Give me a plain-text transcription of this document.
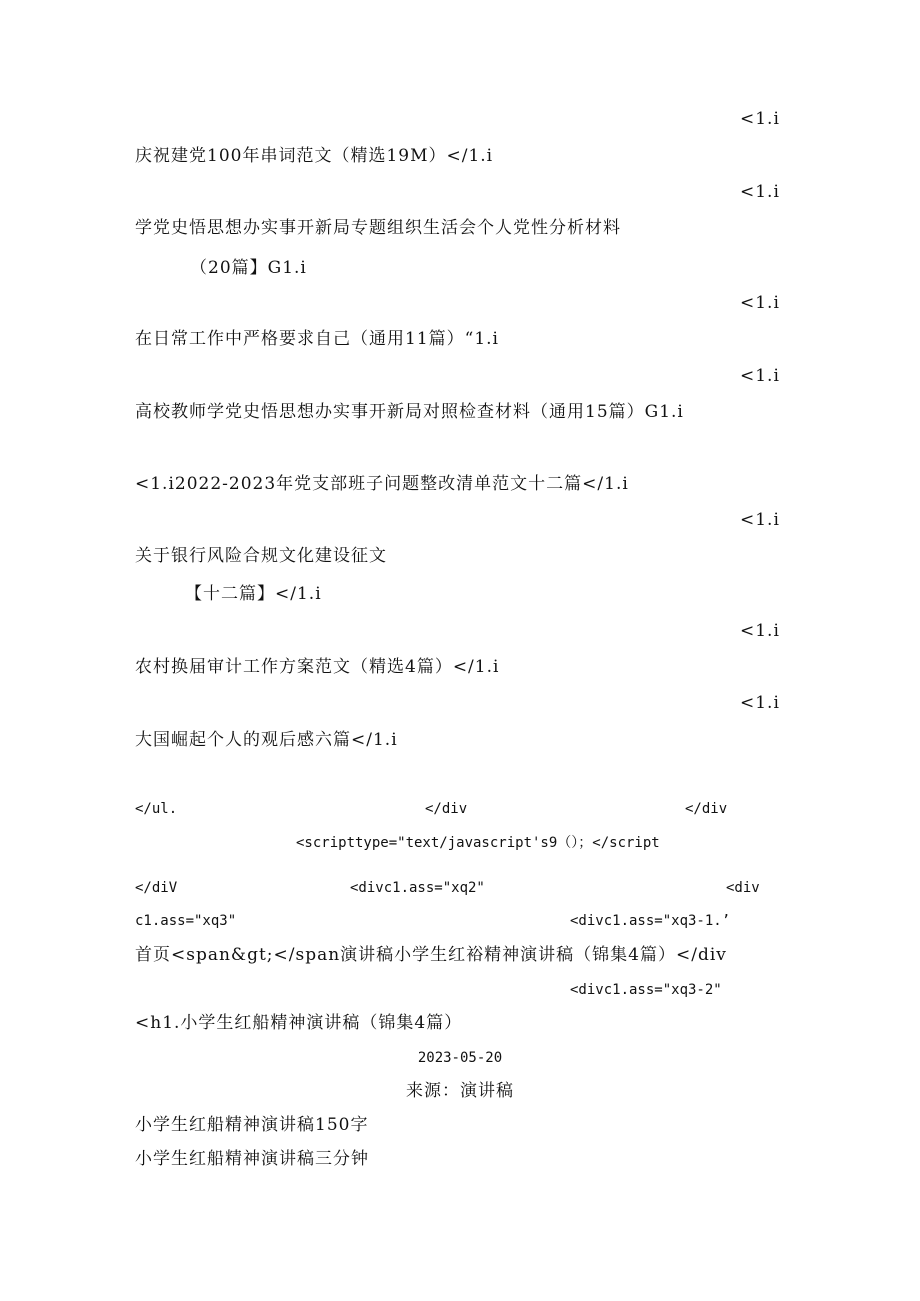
<1.i
庆祝建党100年串词范文（精选19M）</1.i
<1.i
学党史悟思想办实事开新局专题组织生活会个人党性分析材料
（20篇】G1.i
<1.i
在日常工作中严格要求自己（通用11篇）“1.i
<1.i
高校教师学党史悟思想办实事开新局对照检查材料（通用15篇）G1.i
<1.i2022-2023年党支部班子问题整改清单范文十二篇</1.i
<1.i
关于银行风险合规文化建设征文
【十二篇】</1.i
<1.i
农村换届审计工作方案范文（精选4篇）</1.i
<1.i
大国崛起个人的观后感六篇</1.i
</ul.	</div	</div
<scripttype="text/javascript's9（）；</script
</diV	<divc1.ass="xq2"	<div
c1.ass="xq3"	<divc1.ass="xq3-1.’
首页<span&gt;</span演讲稿小学生红裕精神演讲稿（锦集4篇）</div
<divc1.ass="xq3-2"
<h1.小学生红船精神演讲稿（锦集4篇）
2023-05-20
来源：演讲稿
小学生红船精神演讲稿150字
小学生红船精神演讲稿三分钟
